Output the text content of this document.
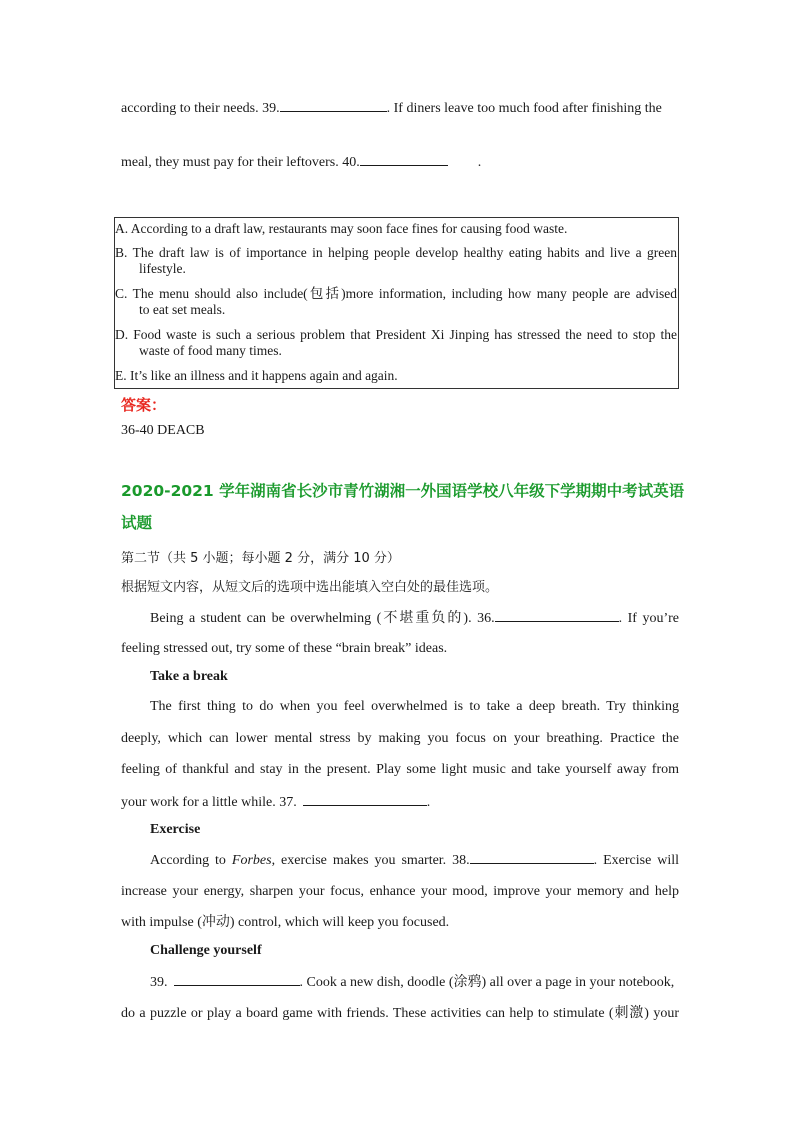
according to their needs. 39.	. If diners leave too much food after finishing the
meal, they must pay for their leftovers. 40.	.
A. According to a draft law, restaurants may soon face fines for causing food waste.
B. The draft law is of importance in helping people develop healthy eating habits and live a green
lifestyle.
C. The menu should also include(包括)more information, including how many people are advised
to eat set meals.
D. Food waste is such a serious problem that President Xi Jinping has stressed the need to stop the
waste of food many times.
E. It’s like an illness and it happens again and again.
答案：
36-40 DEACB
2020-2021 学年湖南省长沙市青竹湖湘一外国语学校八年级下学期期中考试英语
试题
第二节（共 5 小题；每小题 2 分，满分 10 分）
根据短文内容，从短文后的选项中选出能填入空白处的最佳选项。
Being a student can be overwhelming (不堪重负的). 36.	. If you’re
feeling stressed out, try some of these “brain break” ideas.
Take a break
The first thing to do when you feel overwhelmed is to take a deep breath. Try thinking
deeply, which can lower mental stress by making you focus on your breathing. Practice the
feeling of thankful and stay in the present. Play some light music and take yourself away from
your work for a little while. 37.	.
Exercise
According to Forbes, exercise makes you smarter. 38.	. Exercise will
increase your energy, sharpen your focus, enhance your mood, improve your memory and help
with impulse (冲动) control, which will keep you focused.
Challenge yourself
39.	. Cook a new dish, doodle (涂鸦) all over a page in your notebook,
do a puzzle or play a board game with friends. These activities can help to stimulate (刺激) your
